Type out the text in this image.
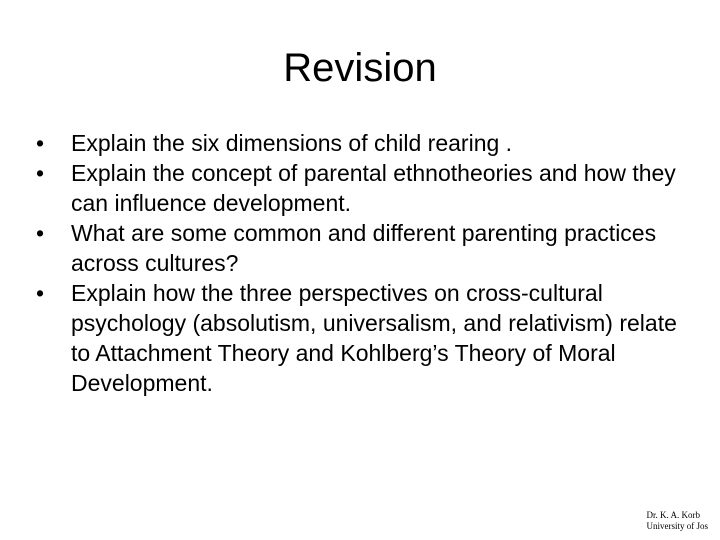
Revision
•	Explain the six dimensions of child rearing .
•	Explain the concept of parental ethnotheories and how they can influence development.
•	What are some common and different parenting practices across cultures?
•	Explain how the three perspectives on cross-cultural psychology (absolutism, universalism, and relativism) relate to Attachment Theory and Kohlberg’s Theory of Moral Development.
Dr. K. A. Korb
University of Jos
